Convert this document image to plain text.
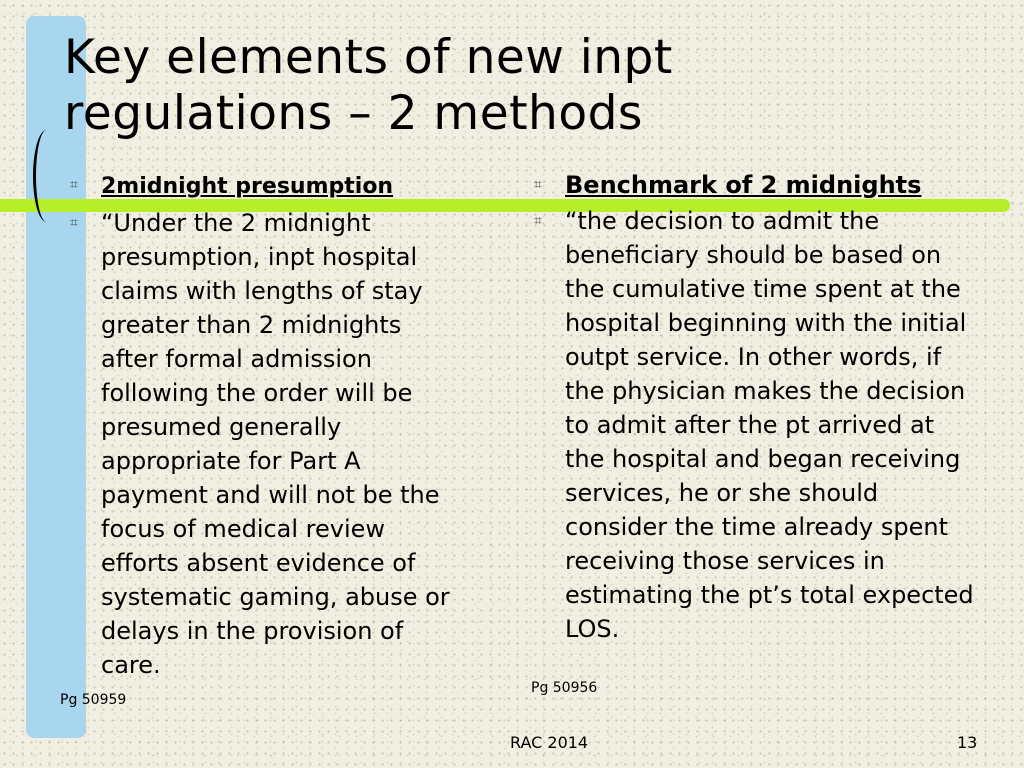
Key elements of new inpt
regulations – 2 methods
⌗ 2midnight presumption
⌗ “Under the 2 midnight presumption, inpt hospital claims with lengths of stay greater than 2 midnights after formal admission following the order will be presumed generally appropriate for Part A payment and will not be the focus of medical review efforts absent evidence of systematic gaming, abuse or delays in the provision of care.
Pg 50959
⌗ Benchmark of 2 midnights
⌗ “the decision to admit the beneficiary should be based on the cumulative time spent at the hospital beginning with the initial outpt service. In other words, if the physician makes the decision to admit after the pt arrived at the hospital and began receiving services, he or she should consider the time already spent receiving those services in estimating the pt’s total expected LOS.
Pg 50956
RAC 2014	13
